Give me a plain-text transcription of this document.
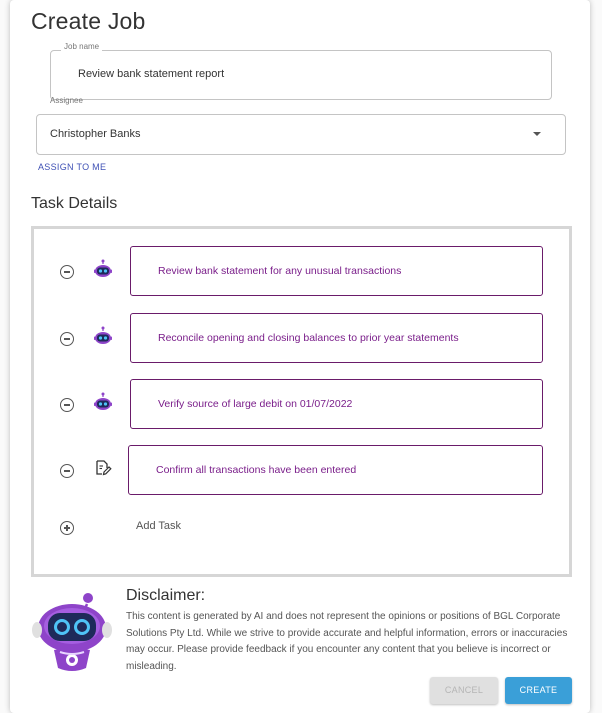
Create Job
Job name
Review bank statement report
Assignee
Christopher Banks
ASSIGN TO ME
Task Details
Review bank statement for any unusual transactions
Reconcile opening and closing balances to prior year statements
Verify source of large debit on 01/07/2022
Confirm all transactions have been entered
Add Task
Disclaimer:
This content is generated by AI and does not represent the opinions or positions of BGL Corporate Solutions Pty Ltd. While we strive to provide accurate and helpful information, errors or inaccuracies may occur. Please provide feedback if you encounter any content that you believe is incorrect or misleading.
CANCEL	CREATE
